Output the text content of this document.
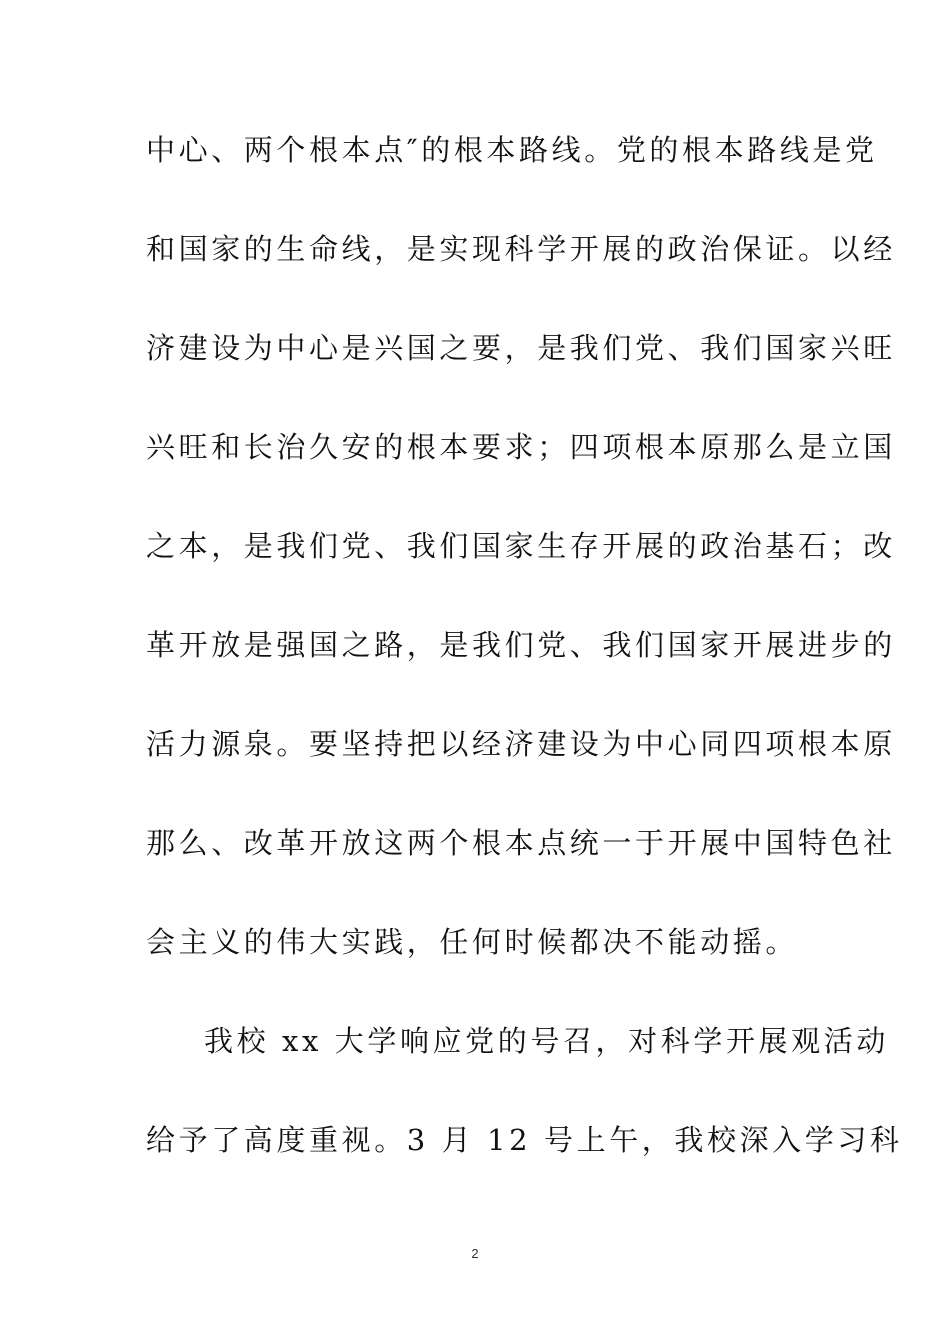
中心、两个根本点″的根本路线。党的根本路线是党
和国家的生命线，是实现科学开展的政治保证。以经
济建设为中心是兴国之要，是我们党、我们国家兴旺
兴旺和长治久安的根本要求；四项根本原那么是立国
之本，是我们党、我们国家生存开展的政治基石；改
革开放是强国之路，是我们党、我们国家开展进步的
活力源泉。要坚持把以经济建设为中心同四项根本原
那么、改革开放这两个根本点统一于开展中国特色社
会主义的伟大实践，任何时候都决不能动摇。
我校 xx 大学响应党的号召，对科学开展观活动
给予了高度重视。3 月 12 号上午，我校深入学习科
2
